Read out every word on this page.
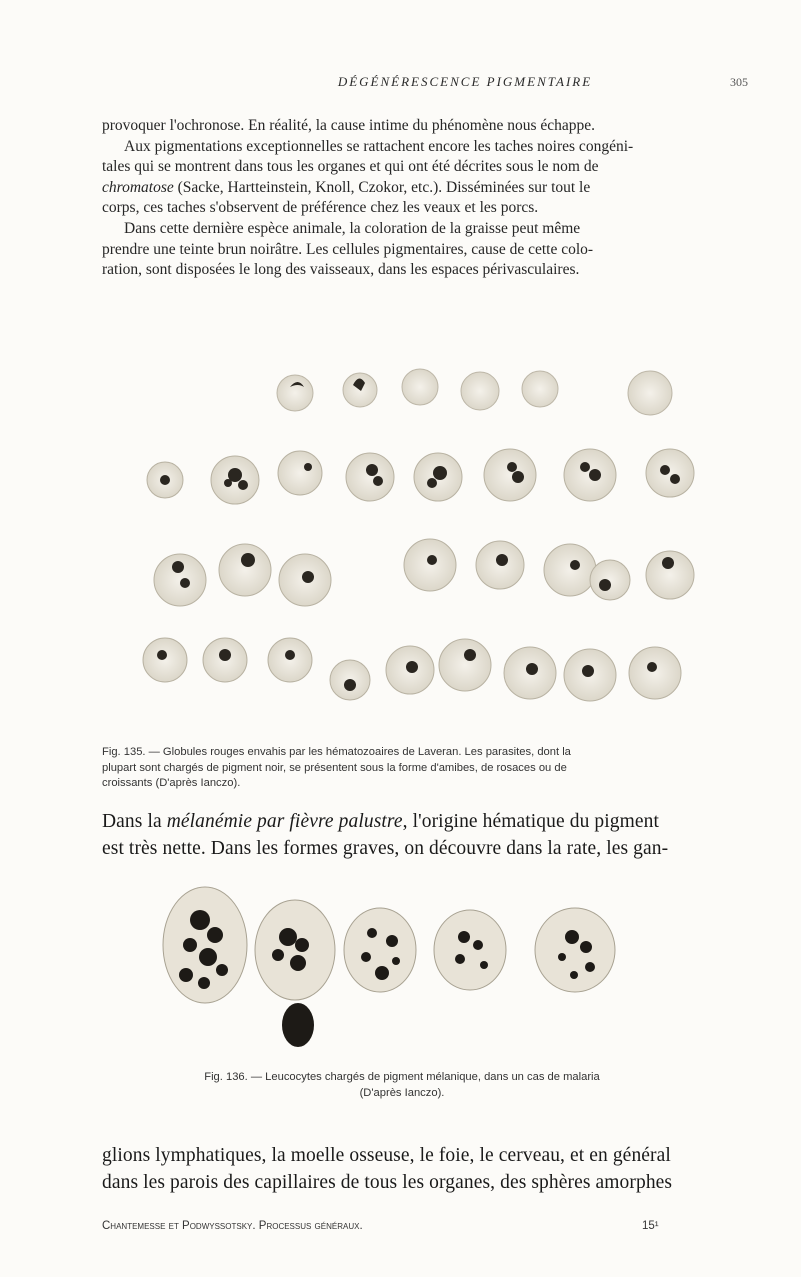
DÉGÉNÉRESCENCE PIGMENTAIRE	305

provoquer l'ochronose. En réalité, la cause intime du phénomène nous échappe.

Aux pigmentations exceptionnelles se rattachent encore les taches noires congéni-

tales qui se montrent dans tous les organes et qui ont été décrites sous le nom de

chromatose (Sacke, Hartteinstein, Knoll, Czokor, etc.). Disséminées sur tout le

corps, ces taches s'observent de préférence chez les veaux et les porcs.

Dans cette dernière espèce animale, la coloration de la graisse peut même

prendre une teinte brun noirâtre. Les cellules pigmentaires, cause de cette colo-

ration, sont disposées le long des vaisseaux, dans les espaces périvasculaires.

Fig. 135. — Globules rouges envahis par les hématozoaires de Laveran. Les parasites, dont la
plupart sont chargés de pigment noir, se présentent sous la forme d'amibes, de rosaces ou de
croissants (D'après Ianczo).
Dans la mélanémie par fièvre palustre, l'origine hématique du pigment
est très nette. Dans les formes graves, on découvre dans la rate, les gan-
Fig. 136. — Leucocytes chargés de pigment mélanique, dans un cas de malaria
(D'après Ianczo).
glions lymphatiques, la moelle osseuse, le foie, le cerveau, et en général
dans les parois des capillaires de tous les organes, des sphères amorphes
Chantemesse et Podwyssotsky. Processus généraux.	15¹
